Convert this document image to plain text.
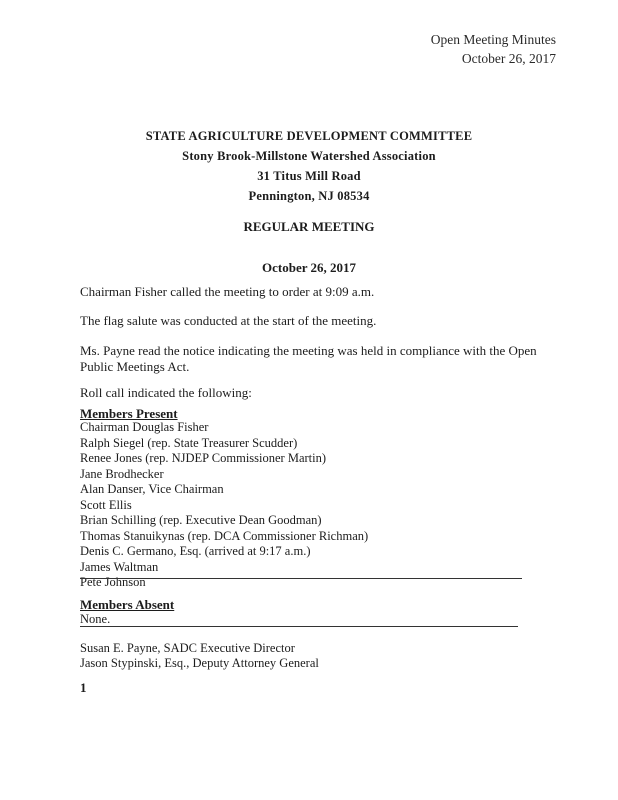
Open Meeting Minutes
October 26, 2017
STATE AGRICULTURE DEVELOPMENT COMMITTEE
Stony Brook-Millstone Watershed Association
31 Titus Mill Road
Pennington, NJ 08534
REGULAR MEETING
October 26, 2017
Chairman Fisher called the meeting to order at 9:09 a.m.
The flag salute was conducted at the start of the meeting.
Ms. Payne read the notice indicating the meeting was held in compliance with the Open Public Meetings Act.
Roll call indicated the following:
Members Present
Chairman Douglas Fisher
Ralph Siegel (rep. State Treasurer Scudder)
Renee Jones (rep. NJDEP Commissioner Martin)
Jane Brodhecker
Alan Danser, Vice Chairman
Scott Ellis
Brian Schilling (rep. Executive Dean Goodman)
Thomas Stanuikynas (rep. DCA Commissioner Richman)
Denis C. Germano, Esq. (arrived at 9:17 a.m.)
James Waltman
Pete Johnson
Members Absent
None.
Susan E. Payne, SADC Executive Director
Jason Stypinski, Esq., Deputy Attorney General
1
